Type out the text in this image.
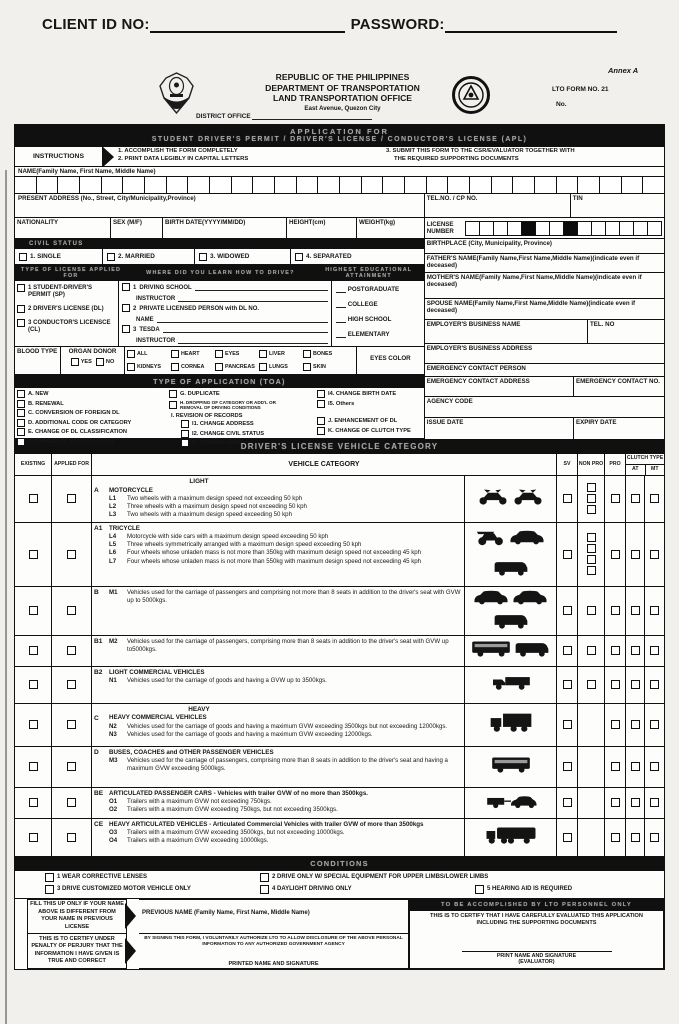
CLIENT ID NO:	PASSWORD:
Annex A
REPUBLIC OF THE PHILIPPINES
DEPARTMENT OF TRANSPORTATION
LAND TRANSPORTATION OFFICE
East Avenue, Quezon City
DISTRICT OFFICE
LTO FORM NO. 21
No.
APPLICATION FOR
STUDENT DRIVER'S PERMIT / DRIVER'S LICENSE / CONDUCTOR'S LICENSE (APL)
INSTRUCTIONS
1. ACCOMPLISH THE FORM COMPLETELY
2. PRINT DATA LEGIBLY IN CAPITAL LETTERS
3. SUBMIT THIS FORM TO THE CSR/EVALUATOR TOGETHER WITH
THE REQUIRED SUPPORTING DOCUMENTS
NAME(Family Name, First Name, Middle Name)
PRESENT ADDRESS (No., Street, City/Municipality,Province)
NATIONALITY	SEX (M/F)	BIRTH DATE(YYYY/MM/DD)	HEIGHT(cm)	WEIGHT(kg)
CIVIL STATUS
1. SINGLE	2. MARRIED	3. WIDOWED	4. SEPARATED
TYPE OF LICENSE APPLIED FOR
WHERE DID YOU LEARN HOW TO DRIVE?	HIGHEST EDUCATIONAL ATTAINMENT
1 STUDENT-DRIVER'S PERMIT (SP)
2 DRIVER'S LICENSE (DL)
3 CONDUCTOR'S LICENSCE (CL)
1 DRIVING SCHOOL
INSTRUCTOR
2 PRIVATE LICENSED PERSON with DL NO.
NAME
3 TESDA
INSTRUCTOR
POSTGRADUATE
COLLEGE
HIGH SCHOOL
ELEMENTARY
BLOOD TYPE	ORGAN DONOR
YES	NO
ALL	HEART	EYES	LIVER	BONES
KIDNEYS	CORNEA	PANCREAS	LUNGS	SKIN
EYES COLOR
TYPE OF APPLICATION (TOA)
A. NEW
B. RENEWAL
C. CONVERSION OF FOREIGN DL
D. ADDITIONAL CODE OR CATEGORY
E. CHANGE OF DL CLASSIFICATION
F. EXPIRED DL WITH VALID FDL
G. DUPLICATE
H. DROPPING OF CATEGORY OR ADD'L OR
REMOVAL OF DRIVING CONDITIONS
I. REVISION OF RECORDS
I1. CHANGE ADDRESS
I2. CHANGE CIVIL STATUS
I3. CHANGE NAME
I4. CHANGE BIRTH DATE
I5. Others
J. ENHANCEMENT OF DL
K. CHANGE OF CLUTCH TYPE
TEL.NO. / CP NO.	TIN
LICENSE NUMBER
BIRTHPLACE (City, Municipality, Province)
FATHER'S NAME(Family Name,First Name,Middle Name)(indicate even if deceased)
MOTHER'S NAME(Family Name,First Name,Middle Name)(indicate even if deceased)
SPOUSE NAME(Family Name,First Name,Middle Name)(indicate even if deceased)
EMPLOYER'S BUSINESS NAME	TEL. NO
EMPLOYER'S BUSINESS ADDRESS
EMERGENCY CONTACT PERSON
EMERGENCY CONTACT ADDRESS	EMERGENCY CONTACT NO.
AGENCY CODE
ISSUE DATE	EXPIRY DATE
DRIVER'S LICENSE VEHICLE CATEGORY
EXISTING	APPLIED FOR	VEHICLE CATEGORY	SV	NON PRO	PRO
CLUTCH TYPE
AT	MT
A
LIGHT
MOTORCYCLE
L1	Two wheels with a maximum design speed not exceeding 50 kph
L2	Three wheels with a maximum design speed not exceeding 50 kph
L3	Two wheels with a maximum design speed exceeding 50 kph
A1	TRICYCLE
L4	Motorcycle with side cars with a maximum design speed exceeding 50 kph
L5	Three wheels symmetrically arranged with a maximum design speed exceeding 50 kph
L6	Four wheels whose unladen mass is not more than 350kg with maximum design speed not exceeding 45 kph
L7	Four wheels whose unladen mass is not more than 550kg with maximum design speed not exceeding 45 kph
B	M1	Vehicles used for the carriage of passengers and comprising not more than 8 seats in addition to the driver's seat with GVW up to 5000kgs.
B1	M2	Vehicles used for the carriage of passengers, comprising more than 8 seats in addition to the driver's seat with GVW up to5000kgs.
B2	LIGHT COMMERCIAL VEHICLES
N1	Vehicles used for the carriage of goods and having a GVW up to 3500kgs.
C
HEAVY
HEAVY COMMERCIAL VEHICLES
N2	Vehicles used for the carriage of goods and having a maximum GVW exceeding 3500kgs but not exceeding 12000kgs.
N3	Vehicles used for the carriage of goods and having a maximum GVW exceeding 12000kgs.
D	BUSES, COACHES and OTHER PASSENGER VEHICLES
M3	Vehicles used for the carriage of passengers, comprising more than 8 seats in addition to the driver's seat and having a maximum GVW exceeding 5000kgs.
BE ARTICULATED PASSENGER CARS - Vehicles with trailer GVW of no more than 3500kgs.
O1	Trailers with a maximum GVW not exceeding 750kgs.
O2	Trailers with a maximum GVW exceeding 750kgs, but not exceeding 3500kgs.
CE HEAVY ARTICULATED VEHICLES - Articulated Commercial Vehicles with trailer GVW of more than 3500kgs
O3	Trailers with a maximum GVW exceeding 3500kgs, but not exceeding 10000kgs.
O4	Trailers with a maximum GVW exceeding 10000kgs.
CONDITIONS
1 WEAR CORRECTIVE LENSES	2 DRIVE ONLY W/ SPECIAL EQUIPMENT FOR UPPER LIMBS/LOWER LIMBS
3 DRIVE CUSTOMIZED MOTOR VEHICLE ONLY	4 DAYLIGHT DRIVING ONLY	5 HEARING AID IS REQUIRED
FILL THIS UP ONLY IF YOUR NAME ABOVE IS DIFFERENT FROM YOUR NAME IN PREVIOUS LICENSE
THIS IS TO CERTIFY UNDER PENALTY OF PERJURY THAT THE INFORMATION I HAVE GIVEN IS TRUE AND CORRECT
PREVIOUS NAME (Family Name, First Name, Middle Name)
BY SIGNING THIS FORM, I VOLUNTARILY AUTHORIZE LTO TO ALLOW DISCLOSURE OF THE ABOVE PERSONAL INFORMATION TO ANY AUTHORIZED GOVERNMENT AGENCY
PRINTED NAME AND SIGNATURE
TO BE ACCOMPLISHED BY LTO PERSONNEL ONLY
THIS IS TO CERTIFY THAT I HAVE CAREFULLY EVALUATED THIS APPLICATION INCLUDING THE SUPPORTING DOCUMENTS
PRINT NAME AND SIGNATURE
(EVALUATOR)
